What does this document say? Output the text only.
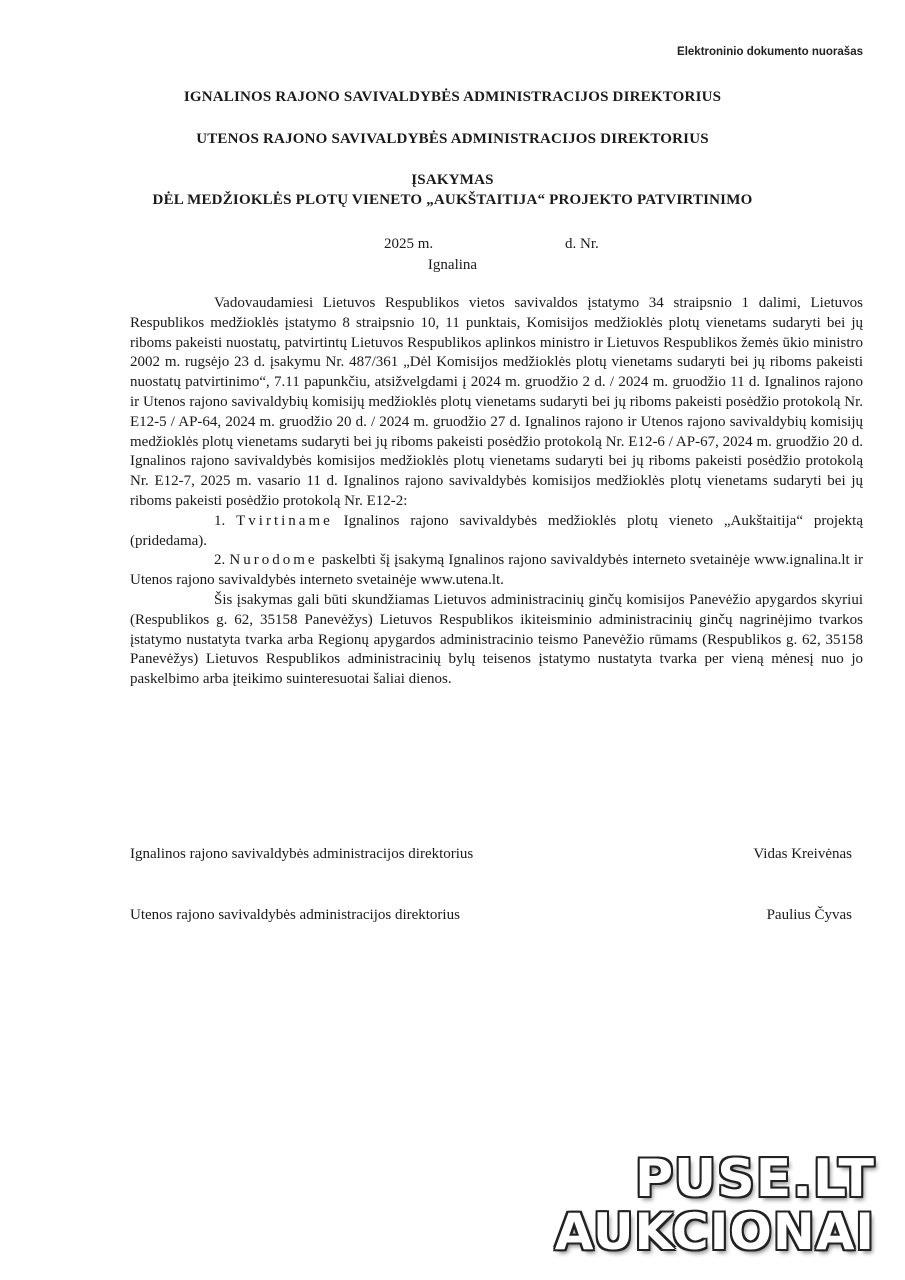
Elektroninio dokumento nuorašas
IGNALINOS RAJONO SAVIVALDYBĖS ADMINISTRACIJOS DIREKTORIUS
UTENOS RAJONO SAVIVALDYBĖS ADMINISTRACIJOS DIREKTORIUS
ĮSAKYMAS
DĖL MEDŽIOKLĖS PLOTŲ VIENETO „AUKŠTAITIJA“ PROJEKTO PATVIRTINIMO
2025 m.	d. Nr.
Ignalina

Vadovaudamiesi Lietuvos Respublikos vietos savivaldos įstatymo 34 straipsnio 1 dalimi, Lietuvos Respublikos medžioklės įstatymo 8 straipsnio 10, 11 punktais, Komisijos medžioklės plotų vienetams sudaryti bei jų riboms pakeisti nuostatų, patvirtintų Lietuvos Respublikos aplinkos ministro ir Lietuvos Respublikos žemės ūkio ministro 2002 m. rugsėjo 23 d. įsakymu Nr. 487/361 „Dėl Komisijos medžioklės plotų vienetams sudaryti bei jų riboms pakeisti nuostatų patvirtinimo“, 7.11 papunkčiu, atsižvelgdami į 2024 m. gruodžio 2 d. / 2024 m. gruodžio 11 d. Ignalinos rajono ir Utenos rajono savivaldybių komisijų medžioklės plotų vienetams sudaryti bei jų riboms pakeisti posėdžio protokolą Nr. E12-5 / AP-64, 2024 m. gruodžio 20 d. / 2024 m. gruodžio 27 d. Ignalinos rajono ir Utenos rajono savivaldybių komisijų medžioklės plotų vienetams sudaryti bei jų riboms pakeisti posėdžio protokolą Nr. E12-6 / AP-67, 2024 m. gruodžio 20 d. Ignalinos rajono savivaldybės komisijos medžioklės plotų vienetams sudaryti bei jų riboms pakeisti posėdžio protokolą Nr. E12-7, 2025 m. vasario 11 d. Ignalinos rajono savivaldybės komisijos medžioklės plotų vienetams sudaryti bei jų riboms pakeisti posėdžio protokolą Nr. E12-2:

1. Tvirtiname Ignalinos rajono savivaldybės medžioklės plotų vieneto „Aukštaitija“ projektą (pridedama).

2. Nurodome paskelbti šį įsakymą Ignalinos rajono savivaldybės interneto svetainėje www.ignalina.lt ir Utenos rajono savivaldybės interneto svetainėje www.utena.lt.

Šis įsakymas gali būti skundžiamas Lietuvos administracinių ginčų komisijos Panevėžio apygardos skyriui (Respublikos g. 62, 35158 Panevėžys) Lietuvos Respublikos ikiteisminio administracinių ginčų nagrinėjimo tvarkos įstatymo nustatyta tvarka arba Regionų apygardos administracinio teismo Panevėžio rūmams (Respublikos g. 62, 35158 Panevėžys) Lietuvos Respublikos administracinių bylų teisenos įstatymo nustatyta tvarka per vieną mėnesį nuo jo paskelbimo arba įteikimo suinteresuotai šaliai dienos.

Ignalinos rajono savivaldybės administracijos direktorius	Vidas Kreivėnas
Utenos rajono savivaldybės administracijos direktorius	Paulius Čyvas
PUSE.LT
AUKCIONAI
